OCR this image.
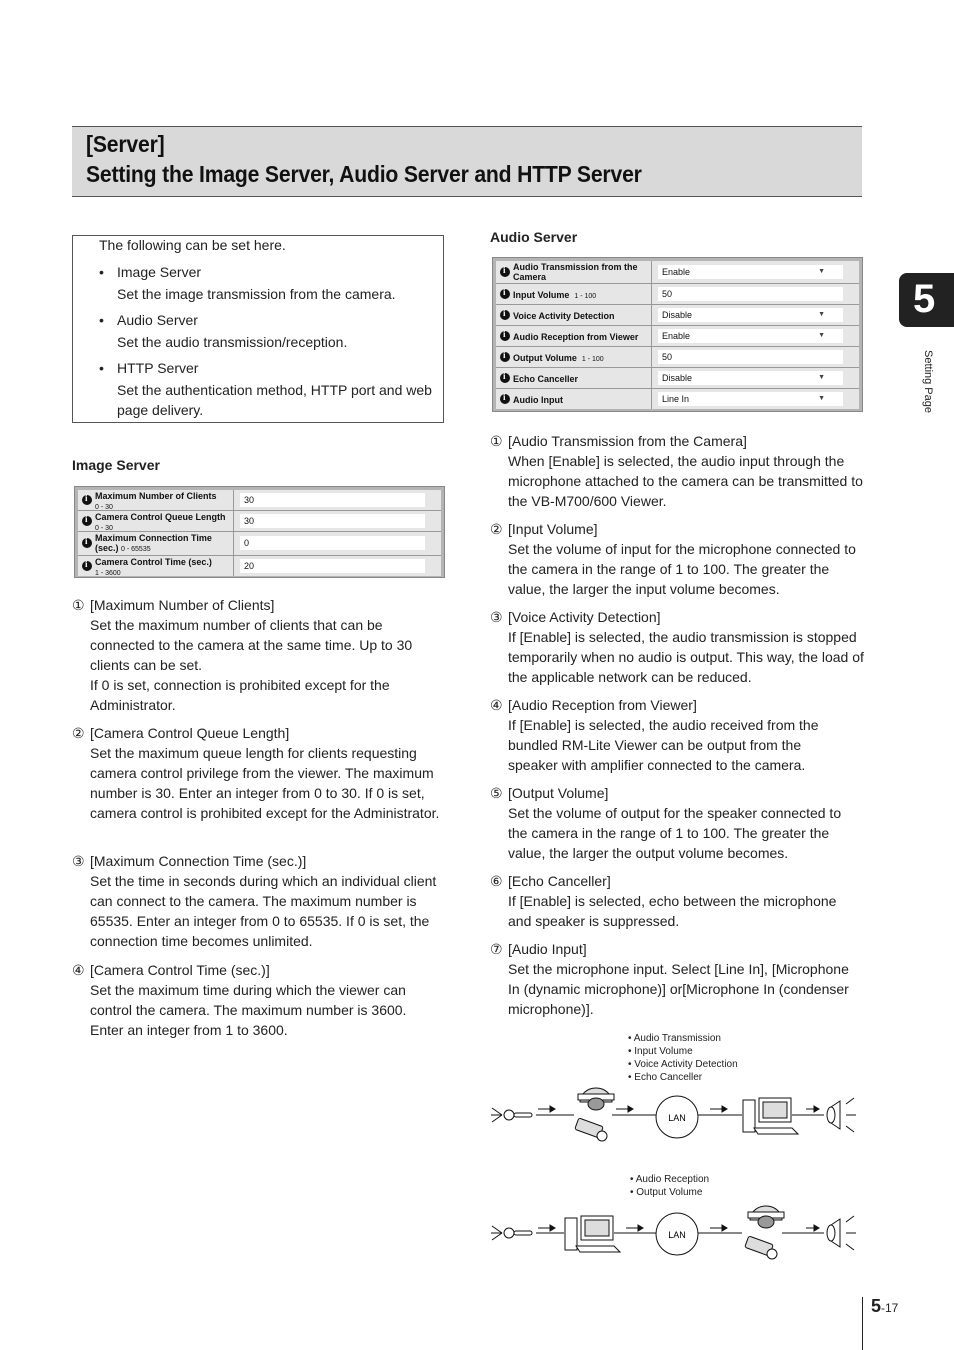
[Server]
Setting the Image Server, Audio Server and HTTP Server
The following can be set here.
• Image Server
Set the image transmission from the camera.
• Audio Server
Set the audio transmission/reception.
• HTTP Server
Set the authentication method, HTTP port and web page delivery.
Image Server
i
Maximum Number of Clients
0 - 30
30
i
Camera Control Queue Length
0 - 30
30
i
Maximum Connection Time
(sec.) 0 - 65535
0
i
Camera Control Time (sec.)
1 - 3600
20
① [Maximum Number of Clients]
Set the maximum number of clients that can be connected to the camera at the same time. Up to 30 clients can be set.
If 0 is set, connection is prohibited except for the Administrator.
② [Camera Control Queue Length]
Set the maximum queue length for clients requesting camera control privilege from the viewer. The maximum number is 30. Enter an integer from 0 to 30. If 0 is set, camera control is prohibited except for the Administrator.
③ [Maximum Connection Time (sec.)]
Set the time in seconds during which an individual client can connect to the camera. The maximum number is 65535. Enter an integer from 0 to 65535. If 0 is set, the connection time becomes unlimited.
④ [Camera Control Time (sec.)]
Set the maximum time during which the viewer can control the camera. The maximum number is 3600. Enter an integer from 1 to 3600.
Audio Server
i
Audio Transmission from the
Camera	Enable	▼
i
Input Volume 1 - 100	50
i
Voice Activity Detection	Disable	▼
i
Audio Reception from Viewer	Enable	▼
i
Output Volume 1 - 100	50
i
Echo Canceller	Disable	▼
i
Audio Input	Line In	▼
① [Audio Transmission from the Camera]
When [Enable] is selected, the audio input through the microphone attached to the camera can be transmitted to the VB-M700/600 Viewer.
② [Input Volume]
Set the volume of input for the microphone connected to the camera in the range of 1 to 100. The greater the value, the larger the input volume becomes.
③ [Voice Activity Detection]
If [Enable] is selected, the audio transmission is stopped temporarily when no audio is output. This way, the load of the applicable network can be reduced.
④ [Audio Reception from Viewer]
If [Enable] is selected, the audio received from the bundled RM-Lite Viewer can be output from the speaker with amplifier connected to the camera.
⑤ [Output Volume]
Set the volume of output for the speaker connected to the camera in the range of 1 to 100. The greater the value, the larger the output volume becomes.
⑥ [Echo Canceller]
If [Enable] is selected, echo between the microphone and speaker is suppressed.
⑦ [Audio Input]
Set the microphone input. Select [Line In], [Microphone In (dynamic microphone)] or[Microphone In (condenser microphone)].
• Audio Transmission
• Input Volume
• Voice Activity Detection
• Echo Canceller
LAN
• Audio Reception
• Output Volume
LAN
5
Setting Page
5-17
